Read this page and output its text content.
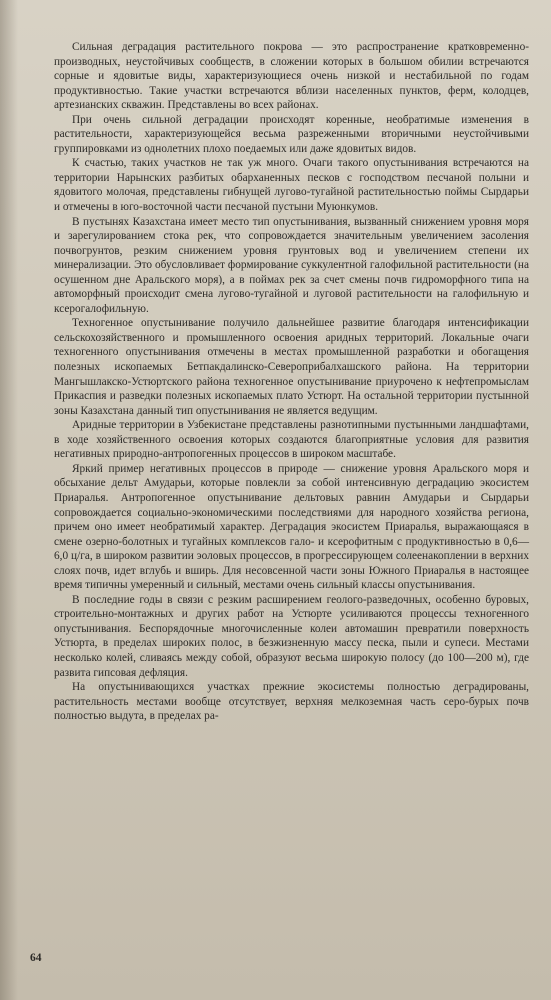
Сильная деградация растительного покрова — это распространение кратковременно-производных, неустойчивых сообществ, в сложении которых в большом обилии встречаются сорные и ядовитые виды, характеризующиеся очень низкой и нестабильной по годам продуктивностью. Такие участки встречаются вблизи населенных пунктов, ферм, колодцев, артезианских скважин. Представлены во всех районах.

При очень сильной деградации происходят коренные, необратимые изменения в растительности, характеризующейся весьма разреженными вторичными неустойчивыми группировками из однолетних плохо поедаемых или даже ядовитых видов.

К счастью, таких участков не так уж много. Очаги такого опустынивания встречаются на территории Нарынских разбитых обарханенных песков с господством песчаной полыни и ядовитого молочая, представлены гибнущей лугово-тугайной растительностью поймы Сырдарьи и отмечены в юго-восточной части песчаной пустыни Муюнкумов.

В пустынях Казахстана имеет место тип опустынивания, вызванный снижением уровня моря и зарегулированием стока рек, что сопровождается значительным увеличением засоления почвогрунтов, резким снижением уровня грунтовых вод и увеличением степени их минерализации. Это обусловливает формирование суккулентной галофильной растительности (на осушенном дне Аральского моря), а в поймах рек за счет смены почв гидроморфного типа на автоморфный происходит смена лугово-тугайной и луговой растительности на галофильную и ксерогалофильную.

Техногенное опустынивание получило дальнейшее развитие благодаря интенсификации сельскохозяйственного и промышленного освоения аридных территорий. Локальные очаги техногенного опустынивания отмечены в местах промышленной разработки и обогащения полезных ископаемых Бетпакдалинско-Североприбалхашского района. На территории Мангышлакско-Устюртского района техногенное опустынивание приурочено к нефтепромыслам Прикаспия и разведки полезных ископаемых плато Устюрт. На остальной территории пустынной зоны Казахстана данный тип опустынивания не является ведущим.

Аридные территории в Узбекистане представлены разнотипными пустынными ландшафтами, в ходе хозяйственного освоения которых создаются благоприятные условия для развития негативных природно-антропогенных процессов в широком масштабе.

Яркий пример негативных процессов в природе — снижение уровня Аральского моря и обсыхание дельт Амударьи, которые повлекли за собой интенсивную деградацию экосистем Приаралья. Антропогенное опустынивание дельтовых равнин Амударьи и Сырдарьи сопровождается социально-экономическими последствиями для народного хозяйства региона, причем оно имеет необратимый характер. Деградация экосистем Приаралья, выражающаяся в смене озерно-болотных и тугайных комплексов гало- и ксерофитным с продуктивностью в 0,6—6,0 ц/га, в широком развитии эоловых процессов, в прогрессирующем солеенакоплении в верхних слоях почв, идет вглубь и вширь. Для несовсенной части зоны Южного Приаралья в настоящее время типичны умеренный и сильный, местами очень сильный классы опустынивания.

В последние годы в связи с резким расширением геолого-разведочных, особенно буровых, строительно-монтажных и других работ на Устюрте усиливаются процессы техногенного опустынивания. Беспорядочные многочисленные колеи автомашин превратили поверхность Устюрта, в пределах широких полос, в безжизненную массу песка, пыли и супеси. Местами несколько колей, сливаясь между собой, образуют весьма широкую полосу (до 100—200 м), где развита гипсовая дефляция.

На опустынивающихся участках прежние экосистемы полностью деградированы, растительность местами вообще отсутствует, верхняя мелкоземная часть серо-бурых почв полностью выдута, в пределах ра-

64
